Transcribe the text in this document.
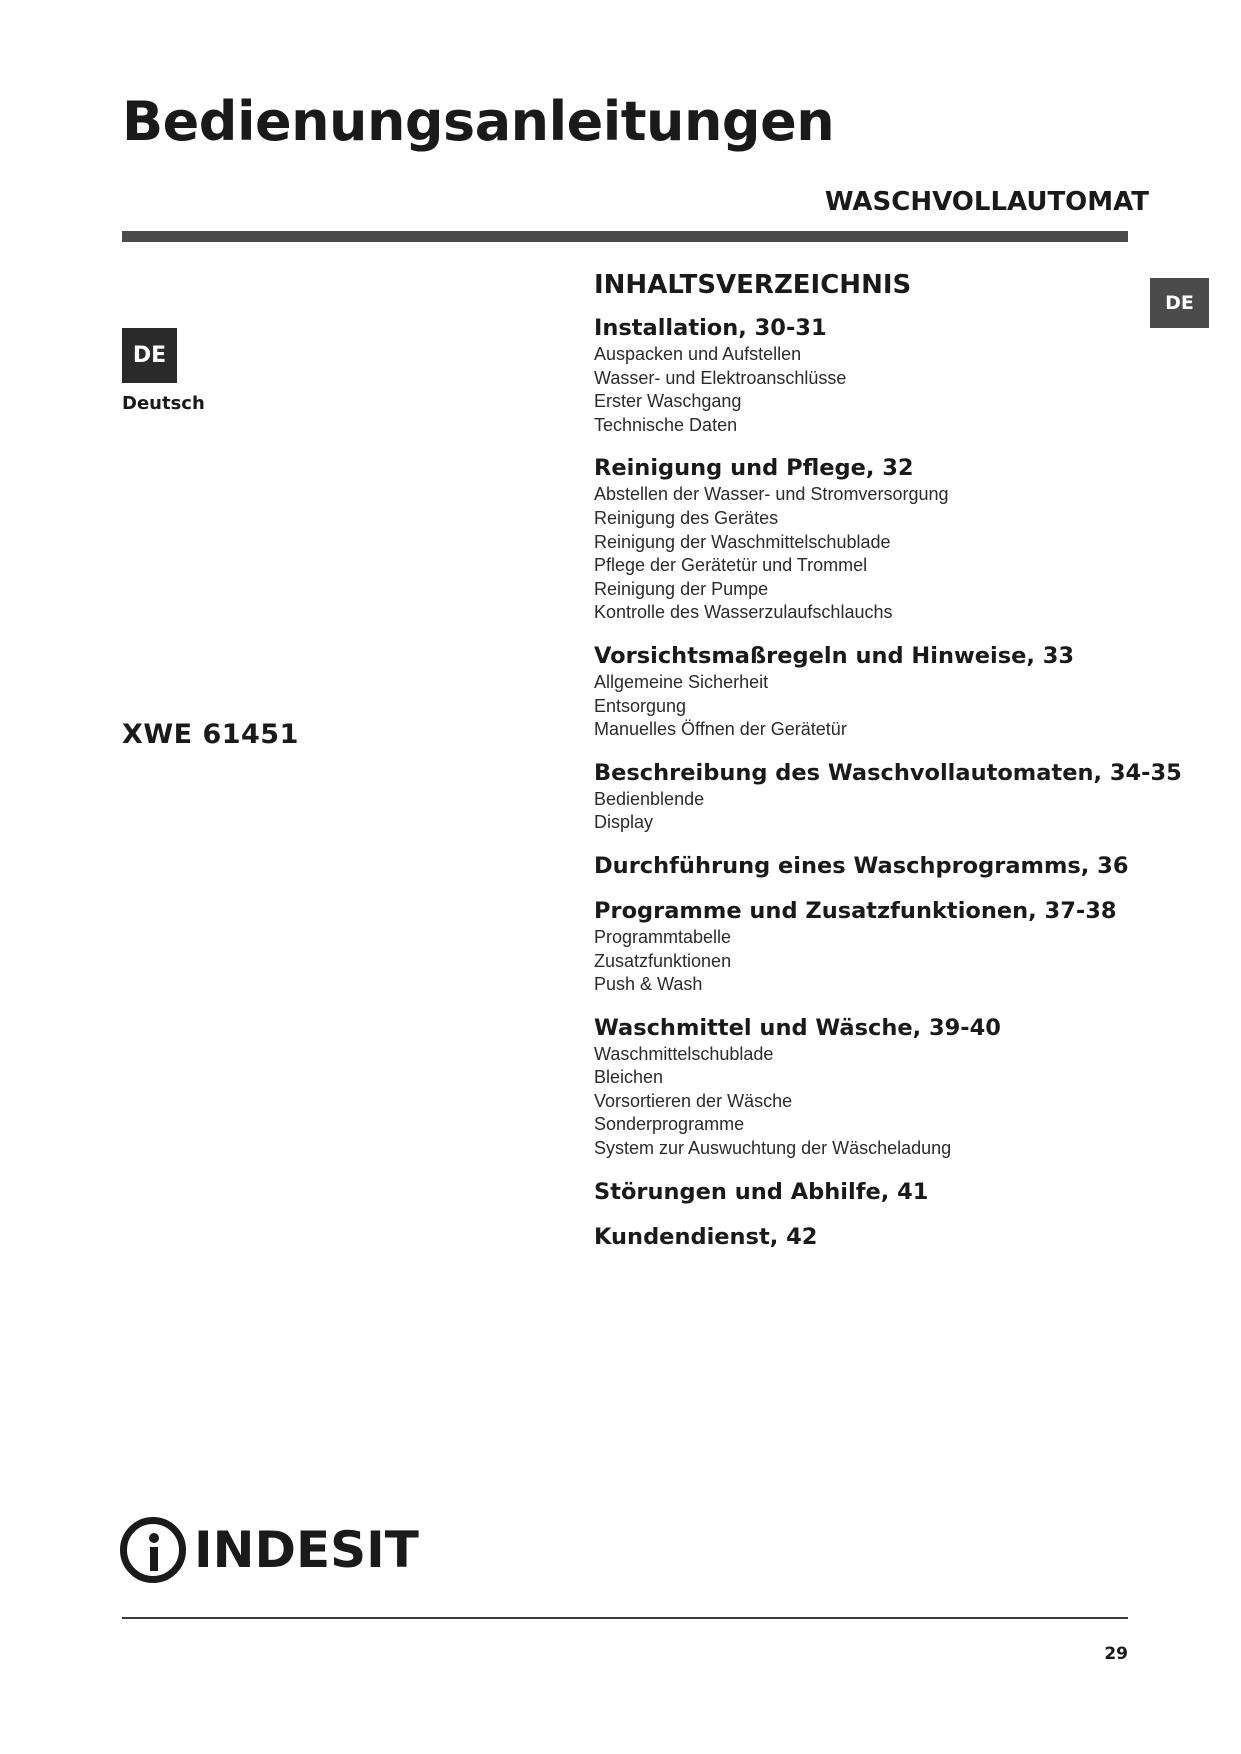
Bedienungsanleitungen
WASCHVOLLAUTOMAT
DE
Deutsch
XWE 61451
DE
INHALTSVERZEICHNIS
Installation, 30-31
Auspacken und Aufstellen
Wasser- und Elektroanschlüsse
Erster Waschgang
Technische Daten
Reinigung und Pflege, 32
Abstellen der Wasser- und Stromversorgung
Reinigung des Gerätes
Reinigung der Waschmittelschublade
Pflege der Gerätetür und Trommel
Reinigung der Pumpe
Kontrolle des Wasserzulaufschlauchs
Vorsichtsmaßregeln und Hinweise, 33
Allgemeine Sicherheit
Entsorgung
Manuelles Öffnen der Gerätetür
Beschreibung des Waschvollautomaten, 34-35
Bedienblende
Display
Durchführung eines Waschprogramms, 36
Programme und Zusatzfunktionen, 37-38
Programmtabelle
Zusatzfunktionen
Push & Wash
Waschmittel und Wäsche, 39-40
Waschmittelschublade
Bleichen
Vorsortieren der Wäsche
Sonderprogramme
System zur Auswuchtung der Wäscheladung
Störungen und Abhilfe, 41
Kundendienst, 42
INDESIT
29
